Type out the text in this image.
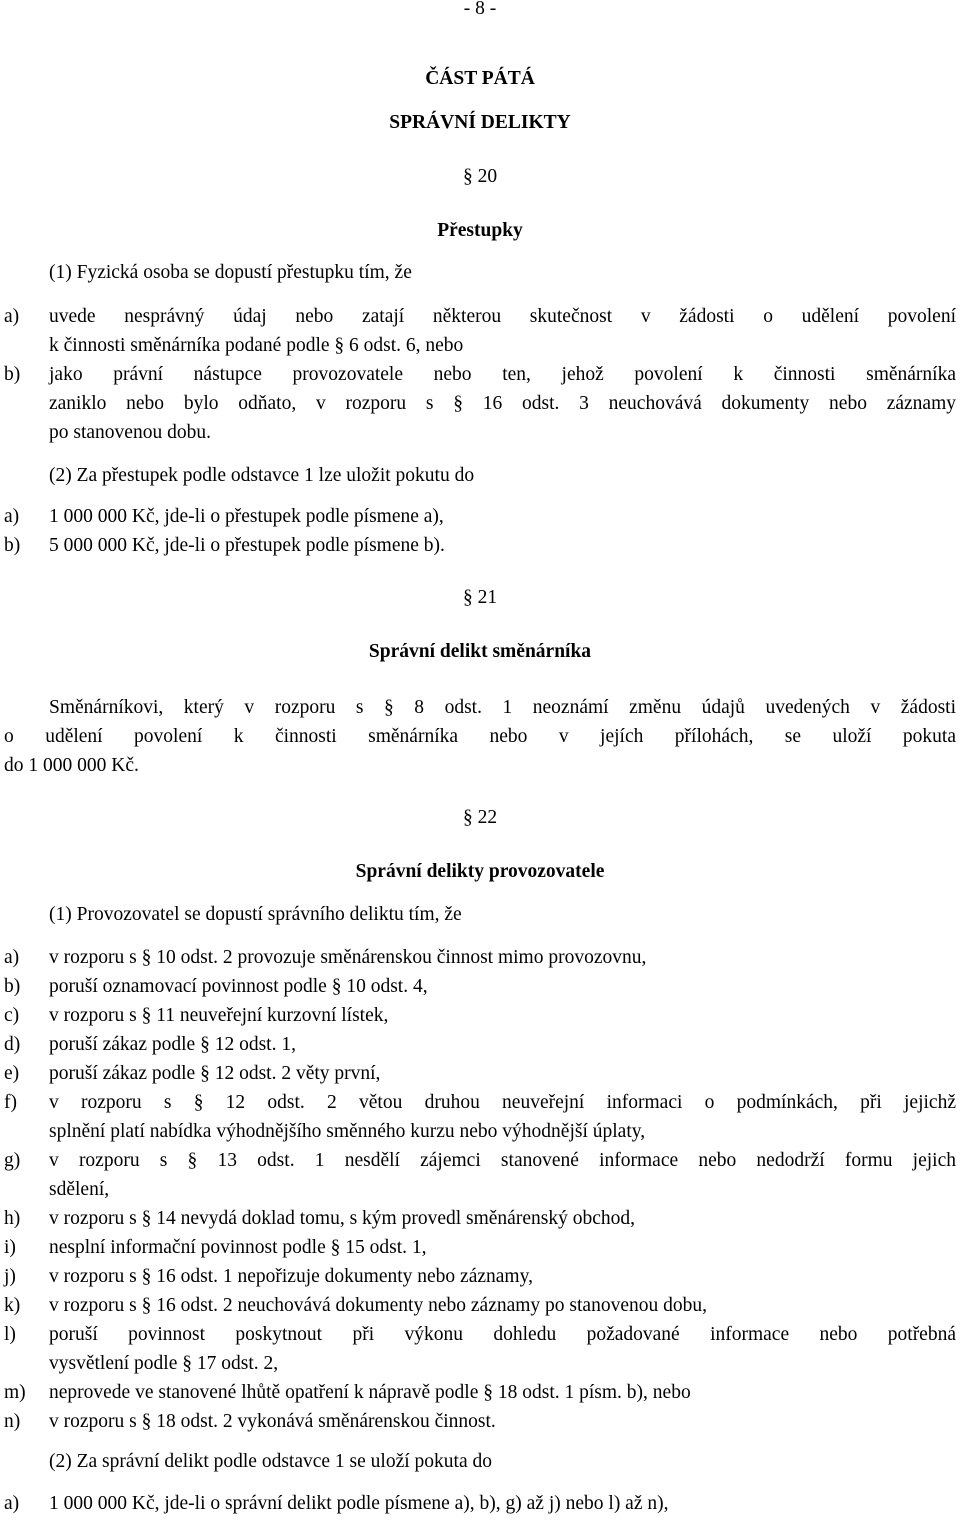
- 8 -
ČÁST PÁTÁ
SPRÁVNÍ DELIKTY
§ 20
Přestupky
(1) Fyzická osoba se dopustí přestupku tím, že
a) uvede nesprávný údaj nebo zatají některou skutečnost v žádosti o udělení povolení
k činnosti směnárníka podané podle § 6 odst. 6, nebo
b) jako právní nástupce provozovatele nebo ten, jehož povolení k činnosti směnárníka
zaniklo nebo bylo odňato, v rozporu s § 16 odst. 3 neuchovává dokumenty nebo záznamy
po stanovenou dobu.
(2) Za přestupek podle odstavce 1 lze uložit pokutu do
a) 1 000 000 Kč, jde-li o přestupek podle písmene a),
b) 5 000 000 Kč, jde-li o přestupek podle písmene b).
§ 21
Správní delikt směnárníka
Směnárníkovi, který v rozporu s § 8 odst. 1 neoznámí změnu údajů uvedených v žádosti
o udělení povolení k činnosti směnárníka nebo v jejích přílohách, se uloží pokuta
do 1 000 000 Kč.
§ 22
Správní delikty provozovatele
(1) Provozovatel se dopustí správního deliktu tím, že
a) v rozporu s § 10 odst. 2 provozuje směnárenskou činnost mimo provozovnu,
b) poruší oznamovací povinnost podle § 10 odst. 4,
c) v rozporu s § 11 neuveřejní kurzovní lístek,
d) poruší zákaz podle § 12 odst. 1,
e) poruší zákaz podle § 12 odst. 2 věty první,
f) v rozporu s § 12 odst. 2 větou druhou neuveřejní informaci o podmínkách, při jejichž
splnění platí nabídka výhodnějšího směnného kurzu nebo výhodnější úplaty,
g) v rozporu s § 13 odst. 1 nesdělí zájemci stanovené informace nebo nedodrží formu jejich
sdělení,
h) v rozporu s § 14 nevydá doklad tomu, s kým provedl směnárenský obchod,
i) nesplní informační povinnost podle § 15 odst. 1,
j) v rozporu s § 16 odst. 1 nepořizuje dokumenty nebo záznamy,
k) v rozporu s § 16 odst. 2 neuchovává dokumenty nebo záznamy po stanovenou dobu,
l) poruší povinnost poskytnout při výkonu dohledu požadované informace nebo potřebná
vysvětlení podle § 17 odst. 2,
m) neprovede ve stanovené lhůtě opatření k nápravě podle § 18 odst. 1 písm. b), nebo
n) v rozporu s § 18 odst. 2 vykonává směnárenskou činnost.
(2) Za správní delikt podle odstavce 1 se uloží pokuta do
a) 1 000 000 Kč, jde-li o správní delikt podle písmene a), b), g) až j) nebo l) až n),
